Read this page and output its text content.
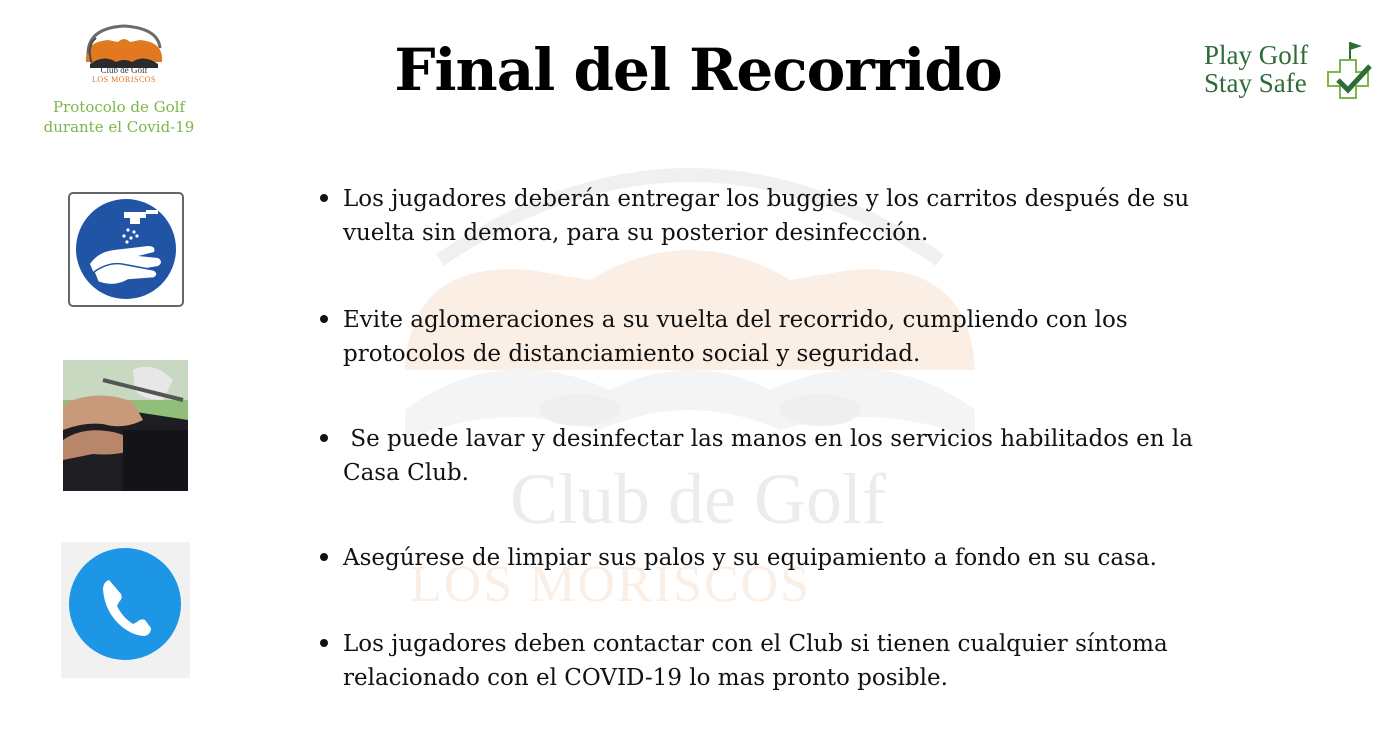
Club de Golf
LOS MORISCOS
Club de Golf
LOS MORISCOS
Protocolo de Golf
durante el Covid-19
Final del Recorrido	Play Golf
Stay Safe
Los jugadores deberán entregar los buggies y los carritos después de su vuelta sin demora, para su posterior desinfección.
Evite aglomeraciones a su vuelta del recorrido, cumpliendo con los protocolos de distanciamiento social y seguridad.
Se puede lavar y desinfectar las manos en los servicios habilitados en la Casa Club.
Asegúrese de limpiar sus palos y su equipamiento a fondo en su casa.
Los jugadores deben contactar con el Club si tienen cualquier síntoma relacionado con el COVID-19 lo mas pronto posible.
